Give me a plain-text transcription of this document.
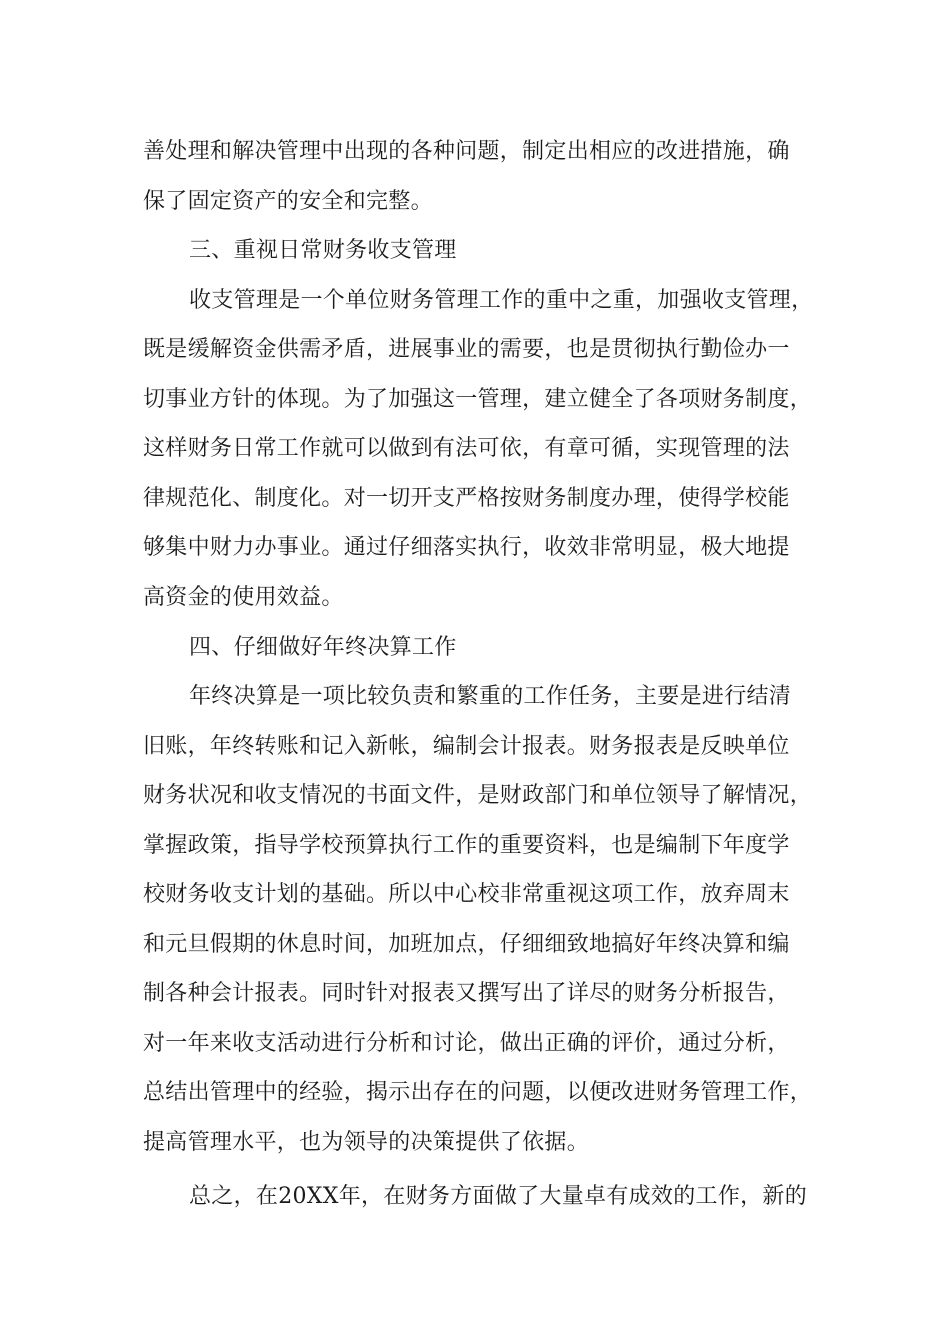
善处理和解决管理中出现的各种问题，制定出相应的改进措施，确
保了固定资产的安全和完整。
三、重视日常财务收支管理
收支管理是一个单位财务管理工作的重中之重，加强收支管理，
既是缓解资金供需矛盾，进展事业的需要，也是贯彻执行勤俭办一
切事业方针的体现。为了加强这一管理，建立健全了各项财务制度，
这样财务日常工作就可以做到有法可依，有章可循，实现管理的法
律规范化、制度化。对一切开支严格按财务制度办理，使得学校能
够集中财力办事业。通过仔细落实执行，收效非常明显，极大地提
高资金的使用效益。
四、仔细做好年终决算工作
年终决算是一项比较负责和繁重的工作任务，主要是进行结清
旧账，年终转账和记入新帐，编制会计报表。财务报表是反映单位
财务状况和收支情况的书面文件，是财政部门和单位领导了解情况，
掌握政策，指导学校预算执行工作的重要资料，也是编制下年度学
校财务收支计划的基础。所以中心校非常重视这项工作，放弃周末
和元旦假期的休息时间，加班加点，仔细细致地搞好年终决算和编
制各种会计报表。同时针对报表又撰写出了详尽的财务分析报告，
对一年来收支活动进行分析和讨论，做出正确的评价，通过分析，
总结出管理中的经验，揭示出存在的问题，以便改进财务管理工作，
提高管理水平，也为领导的决策提供了依据。
总之，在20XX年，在财务方面做了大量卓有成效的工作，新的
